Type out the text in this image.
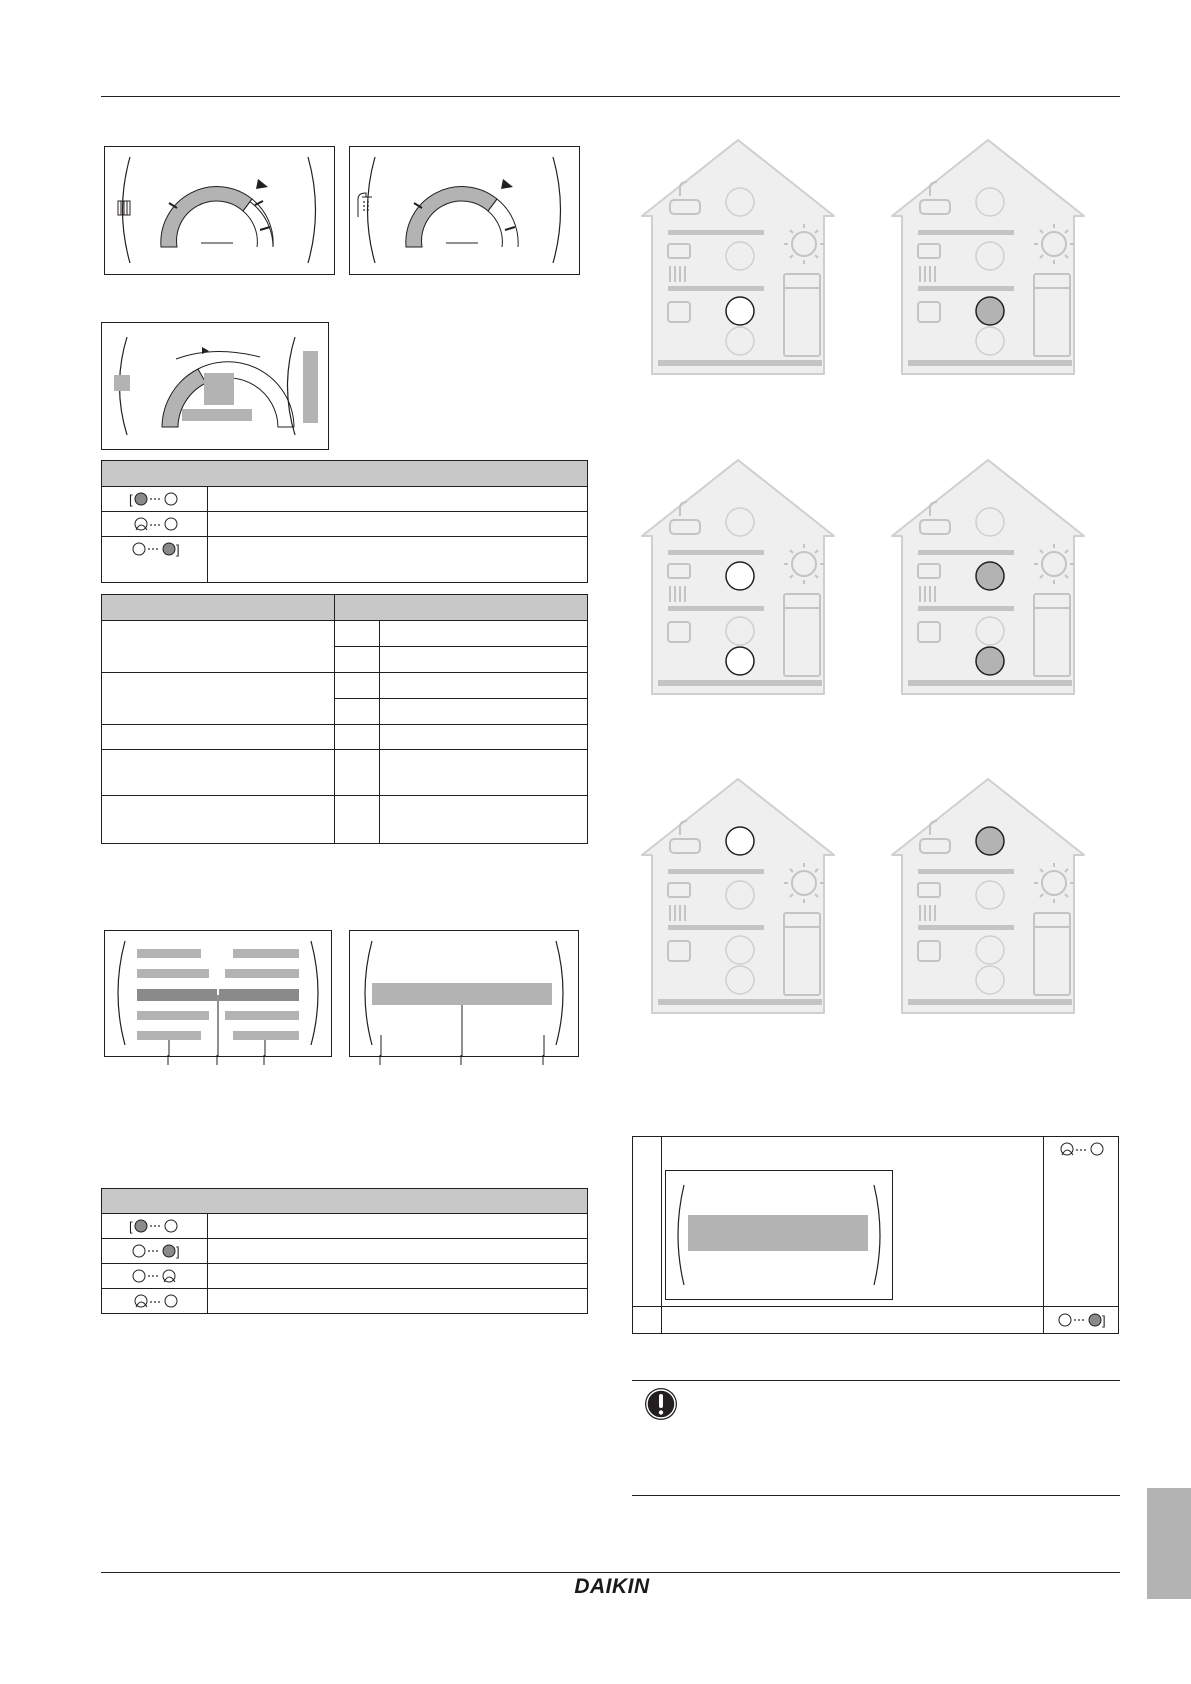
[
]
[
]
]
DAIKIN
